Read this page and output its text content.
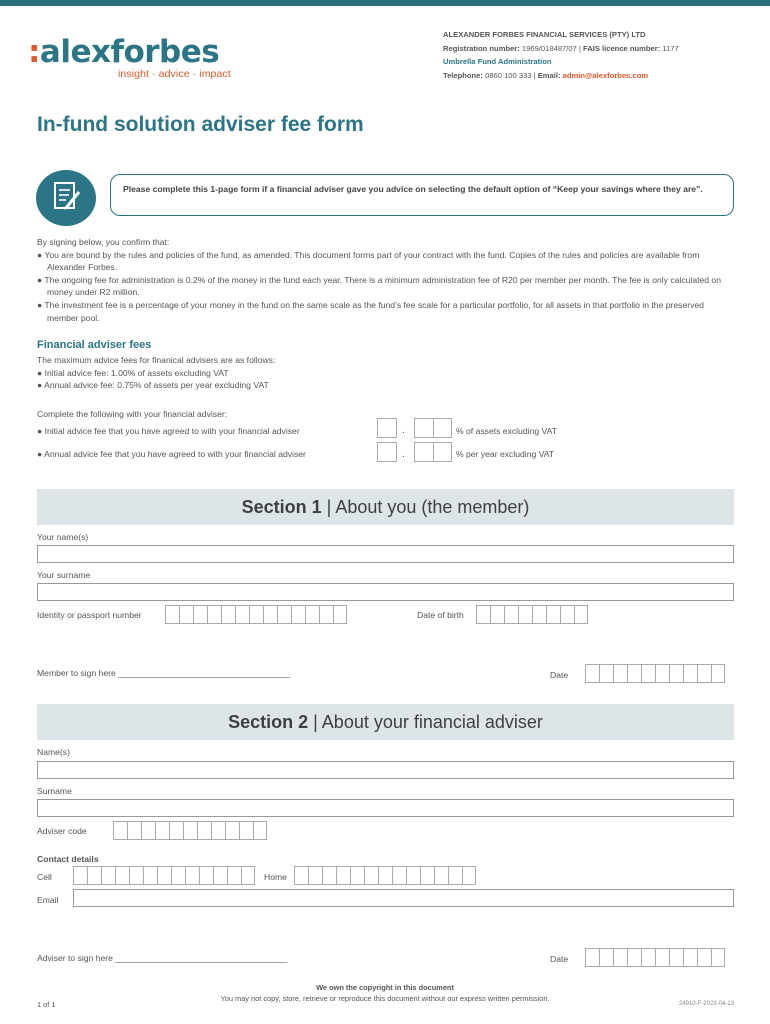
:alexforbes
insight · advice · impact
ALEXANDER FORBES FINANCIAL SERVICES (PTY) LTD
Registration number: 1969/018487/07 | FAIS licence number: 1177
Umbrella Fund Administration
Telephone: 0860 100 333 | Email: admin@alexforbes.com
In-fund solution adviser fee form
Please complete this 1-page form if a financial adviser gave you advice on selecting the default option of “Keep your savings where they are”.
By signing below, you confirm that:
● You are bound by the rules and policies of the fund, as amended. This document forms part of your contract with the fund. Copies of the rules and policies are available from Alexander Forbes.
● The ongoing fee for administration is 0.2% of the money in the fund each year. There is a minimum administration fee of R20 per member per month. The fee is only calculated on money under R2 million.
● The investment fee is a percentage of your money in the fund on the same scale as the fund’s fee scale for a particular portfolio, for all assets in that portfolio in the preserved member pool.
Financial adviser fees
The maximum advice fees for finanical advisers are as follows:
● Initial advice fee: 1.00% of assets excluding VAT
● Annual advice fee: 0.75% of assets per year excluding VAT
Complete the following with your financial adviser:
● Initial advice fee that you have agreed to with your financial adviser	.	% of assets excluding VAT
● Annual advice fee that you have agreed to with your financial adviser	.	% per year excluding VAT
Section 1 | About you (the member)
Your name(s)
Your surname
Identity or passport number	Date of birth
Member to sign here ____________________________________	Date
Section 2 | About your financial adviser
Name(s)
Surname
Adviser code
Contact details
Cell	Home
Email
Adviser to sign here ____________________________________	Date
We own the copyright in this document
You may not copy, store, retrieve or reproduce this document without our express written permission.
1 of 1	24910-F-2023-04-13
